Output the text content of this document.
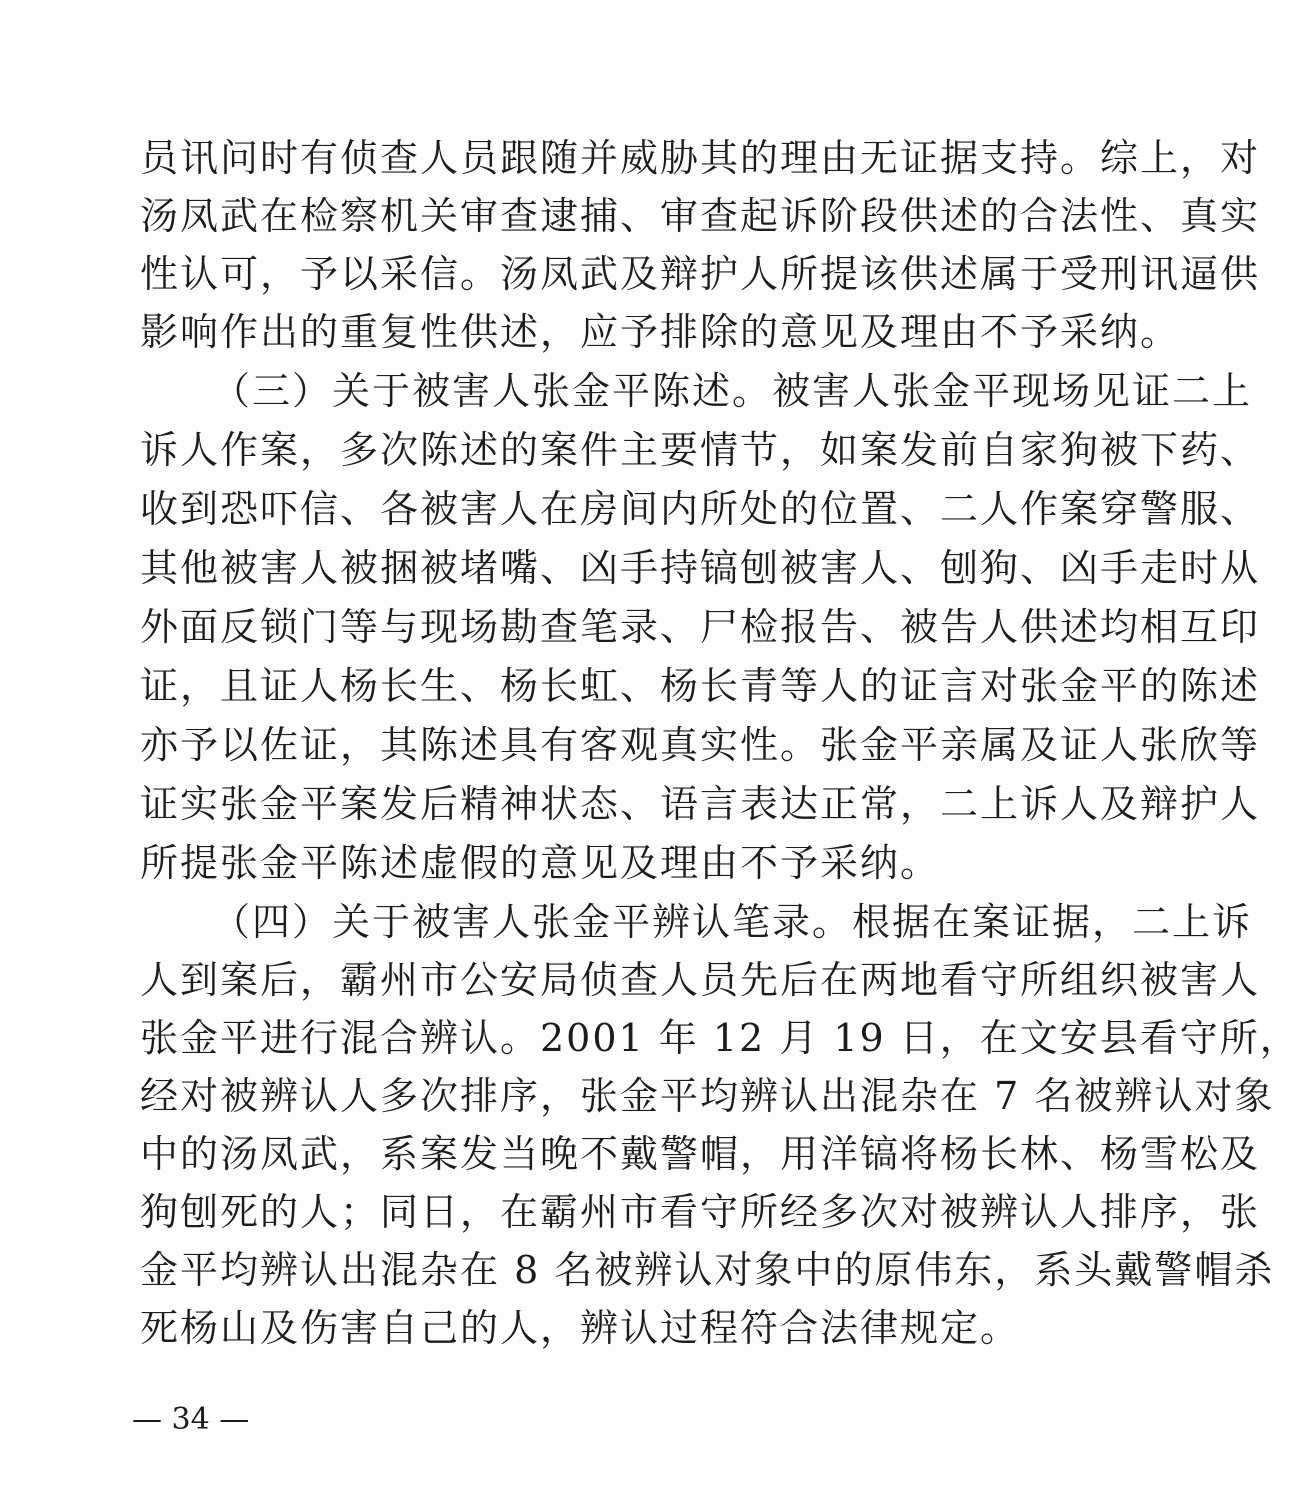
员讯问时有侦查人员跟随并威胁其的理由无证据支持。综上，对
汤凤武在检察机关审查逮捕、审查起诉阶段供述的合法性、真实
性认可，予以采信。汤凤武及辩护人所提该供述属于受刑讯逼供
影响作出的重复性供述，应予排除的意见及理由不予采纳。
（三）关于被害人张金平陈述。被害人张金平现场见证二上
诉人作案，多次陈述的案件主要情节，如案发前自家狗被下药、
收到恐吓信、各被害人在房间内所处的位置、二人作案穿警服、
其他被害人被捆被堵嘴、凶手持镐刨被害人、刨狗、凶手走时从
外面反锁门等与现场勘查笔录、尸检报告、被告人供述均相互印
证，且证人杨长生、杨长虹、杨长青等人的证言对张金平的陈述
亦予以佐证，其陈述具有客观真实性。张金平亲属及证人张欣等
证实张金平案发后精神状态、语言表达正常，二上诉人及辩护人
所提张金平陈述虚假的意见及理由不予采纳。
（四）关于被害人张金平辨认笔录。根据在案证据，二上诉
人到案后，霸州市公安局侦查人员先后在两地看守所组织被害人
张金平进行混合辨认。2001 年 12 月 19 日，在文安县看守所，
经对被辨认人多次排序，张金平均辨认出混杂在 7 名被辨认对象
中的汤凤武，系案发当晚不戴警帽，用洋镐将杨长林、杨雪松及
狗刨死的人；同日，在霸州市看守所经多次对被辨认人排序，张
金平均辨认出混杂在 8 名被辨认对象中的原伟东，系头戴警帽杀
死杨山及伤害自己的人，辨认过程符合法律规定。
— 34 —
